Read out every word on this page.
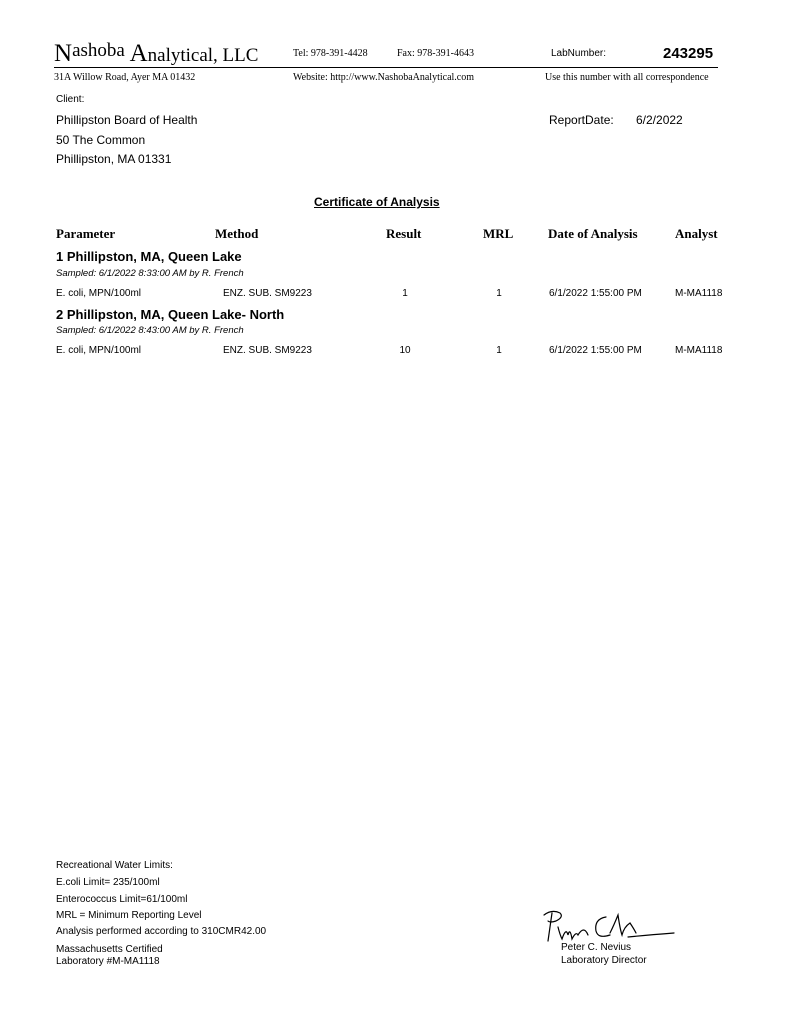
Nashoba Analytical, LLC	Tel: 978-391-4428	Fax: 978-391-4643	LabNumber:	243295
31A Willow Road, Ayer MA 01432	Website: http://www.NashobaAnalytical.com	Use this number with all correspondence
Client:
Phillipston Board of Health
50 The Common
Phillipston, MA 01331
ReportDate: 6/2/2022
Certificate of Analysis
Parameter	Method	Result	MRL	Date of Analysis	Analyst
1 Phillipston, MA, Queen Lake
Sampled: 6/1/2022 8:33:00 AM by R. French
E. coli, MPN/100ml	ENZ. SUB. SM9223	1	1	6/1/2022 1:55:00 PM	M-MA1118
2 Phillipston, MA, Queen Lake- North
Sampled: 6/1/2022 8:43:00 AM by R. French
E. coli, MPN/100ml	ENZ. SUB. SM9223	10	1	6/1/2022 1:55:00 PM	M-MA1118
Recreational Water Limits:
E.coli Limit= 235/100ml
Enterococcus Limit=61/100ml
MRL = Minimum Reporting Level
Analysis performed according to 310CMR42.00
Massachusetts Certified
Laboratory #M-MA1118
Peter C. Nevius
Laboratory Director
